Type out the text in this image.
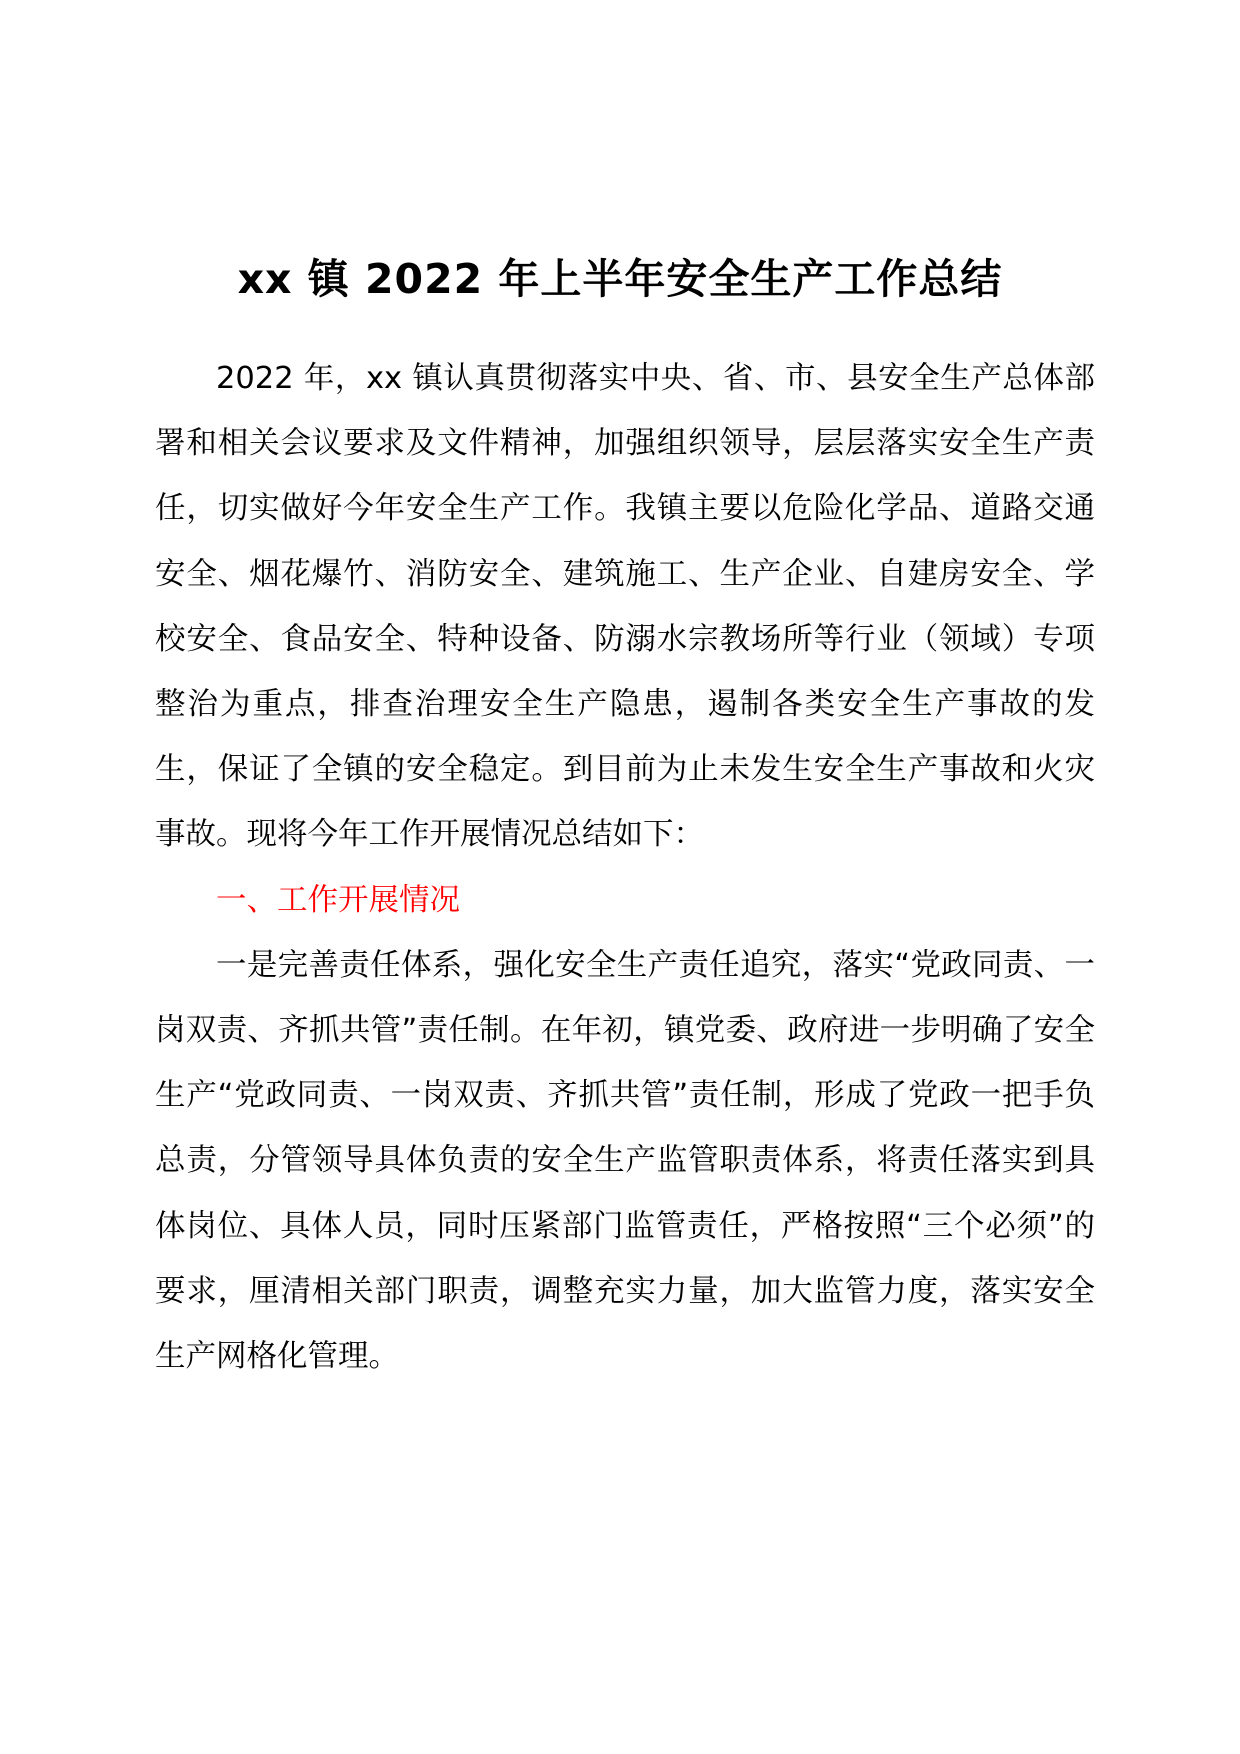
xx 镇 2022 年上半年安全生产工作总结

2022 年，xx 镇认真贯彻落实中央、省、市、县安全生产总体部署和相关会议要求及文件精神，加强组织领导，层层落实安全生产责任，切实做好今年安全生产工作。我镇主要以危险化学品、道路交通安全、烟花爆竹、消防安全、建筑施工、生产企业、自建房安全、学校安全、食品安全、特种设备、防溺水宗教场所等行业（领域）专项整治为重点，排查治理安全生产隐患，遏制各类安全生产事故的发生，保证了全镇的安全稳定。到目前为止未发生安全生产事故和火灾事故。现将今年工作开展情况总结如下：

一、工作开展情况

一是完善责任体系，强化安全生产责任追究，落实“党政同责、一岗双责、齐抓共管”责任制。在年初，镇党委、政府进一步明确了安全生产“党政同责、一岗双责、齐抓共管”责任制，形成了党政一把手负总责，分管领导具体负责的安全生产监管职责体系，将责任落实到具体岗位、具体人员，同时压紧部门监管责任，严格按照“三个必须”的要求，厘清相关部门职责，调整充实力量，加大监管力度，落实安全生产网格化管理。
